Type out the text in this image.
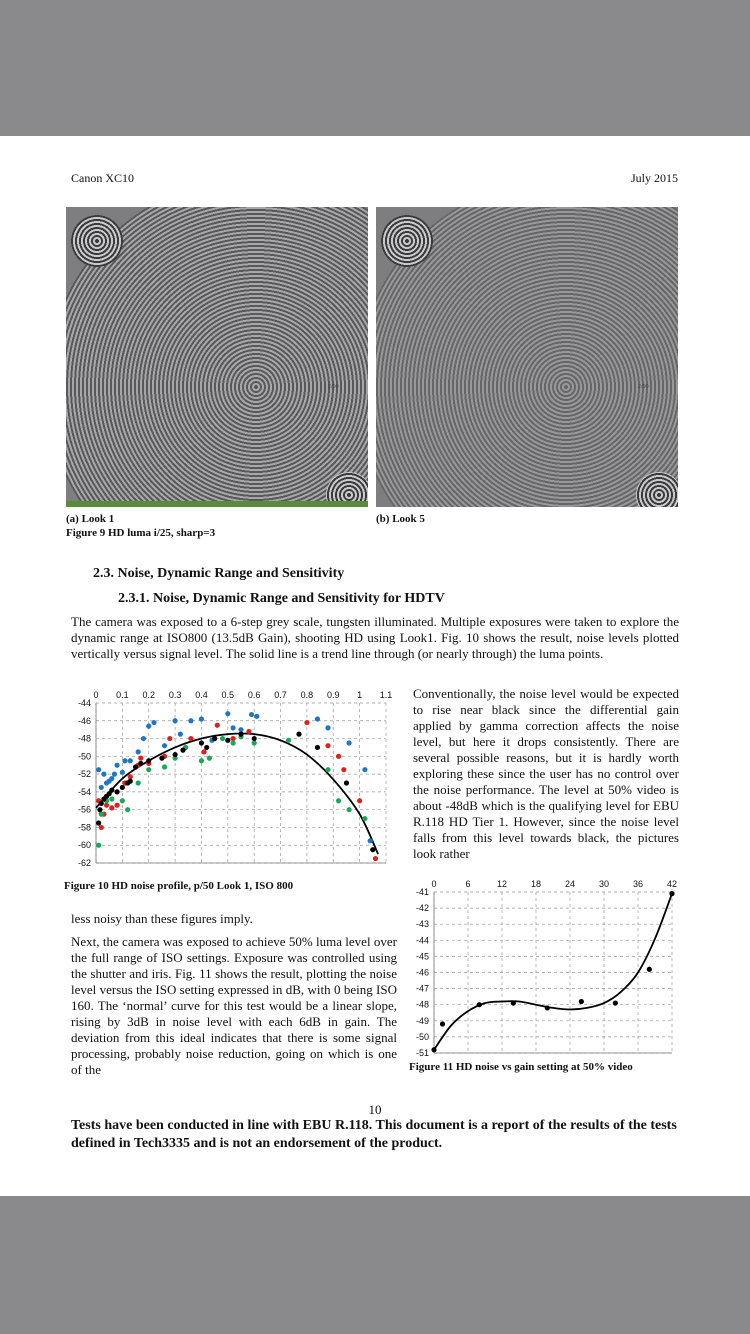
Canon XC10	July 2015
2/90	2/90
(a) Look 1	(b) Look 5
Figure 9 HD luma i/25, sharp=3
2.3. Noise, Dynamic Range and Sensitivity
2.3.1. Noise, Dynamic Range and Sensitivity for HDTV
The camera was exposed to a 6-step grey scale, tungsten illuminated. Multiple exposures were taken to explore the dynamic range at ISO800 (13.5dB Gain), shooting HD using Look1. Fig. 10 shows the result, noise levels plotted vertically versus signal level. The solid line is a trend line through (or nearly through) the luma points.
0 0.1 0.2 0.3 0.4 0.5 0.6 0.7 0.8 0.9 1 1.1
-44
-46
-48
-50
-52
-54
-56
-58
-60
-62
Figure 10 HD noise profile, p/50 Look 1, ISO 800
Conventionally, the noise level would be expected to rise near black since the differential gain applied by gamma correction affects the noise level, but here it drops consistently. There are several possible reasons, but it is hardly worth exploring these since the user has no control over the noise performance. The level at 50% video is about -48dB which is the qualifying level for EBU R.118 HD Tier 1. However, since the noise level falls from this level towards black, the pictures look rather
0	6	12	18	24	30	36	42
-41
-42
-43
-44
-45
-46
-47
-48
-49
-50
-51
Figure 11 HD noise vs gain setting at 50% video
less noisy than these figures imply.
Next, the camera was exposed to achieve 50% luma level over the full range of ISO settings. Exposure was controlled using the shutter and iris. Fig. 11 shows the result, plotting the noise level versus the ISO setting expressed in dB, with 0 being ISO 160. The ‘normal’ curve for this test would be a linear slope, rising by 3dB in noise level with each 6dB in gain. The deviation from this ideal indicates that there is some signal processing, probably noise reduction, going on which is one of the
10
Tests have been conducted in line with EBU R.118. This document is a report of the results of the tests defined in Tech3335 and is not an endorsement of the product.
